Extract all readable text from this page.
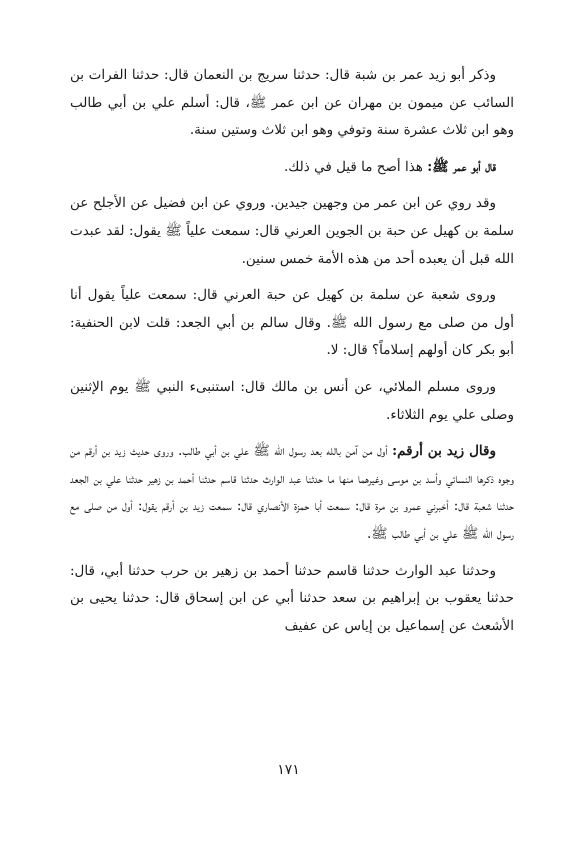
وذكر أبو زيد عمر بن شبة قال: حدثنا سريج بن النعمان قال: حدثنا الفرات بن السائب عن ميمون بن مهران عن ابن عمر ﷺ، قال: أسلم علي بن أبي طالب وهو ابن ثلاث عشرة سنة وتوفي وهو ابن ثلاث وستين سنة.

قال أبو عمر ﷺ: هذا أصح ما قيل في ذلك.

وقد روي عن ابن عمر من وجهين جيدين. وروي عن ابن فضيل عن الأجلح عن سلمة بن كهيل عن حبة بن الجوين العرني قال: سمعت علياً ﷺ يقول: لقد عبدت الله قبل أن يعبده أحد من هذه الأمة خمس سنين.

وروى شعبة عن سلمة بن كهيل عن حبة العرني قال: سمعت علياً يقول أنا أول من صلى مع رسول الله ﷺ. وقال سالم بن أبي الجعد: قلت لابن الحنفية: أبو بكر كان أولهم إسلاماً؟ قال: لا.

وروى مسلم الملائي، عن أنس بن مالك قال: استنبىء النبي ﷺ يوم الإثنين وصلى علي يوم الثلاثاء.

وقال زيد بن أرقم: أول من آمن بالله بعد رسول الله ﷺ علي بن أبي طالب. وروى حديث زيد بن أرقم من وجوه ذكرها النسائي وأسد بن موسى وغيرهما منها ما حدثنا عبد الوارث حدثنا قاسم حدثنا أحمد بن زهير حدثنا علي بن الجعد حدثنا شعبة قال: أخبرني عمرو بن مرة قال: سمعت أبا حمزة الأنصاري قال: سمعت زيد بن أرقم يقول: أول من صلى مع رسول الله ﷺ علي بن أبي طالب ﷺ.

وحدثنا عبد الوارث حدثنا قاسم حدثنا أحمد بن زهير بن حرب حدثنا أبي، قال: حدثنا يعقوب بن إبراهيم بن سعد حدثنا أبي عن ابن إسحاق قال: حدثنا يحيى بن الأشعث عن إسماعيل بن إياس عن عفيف

١٧١
